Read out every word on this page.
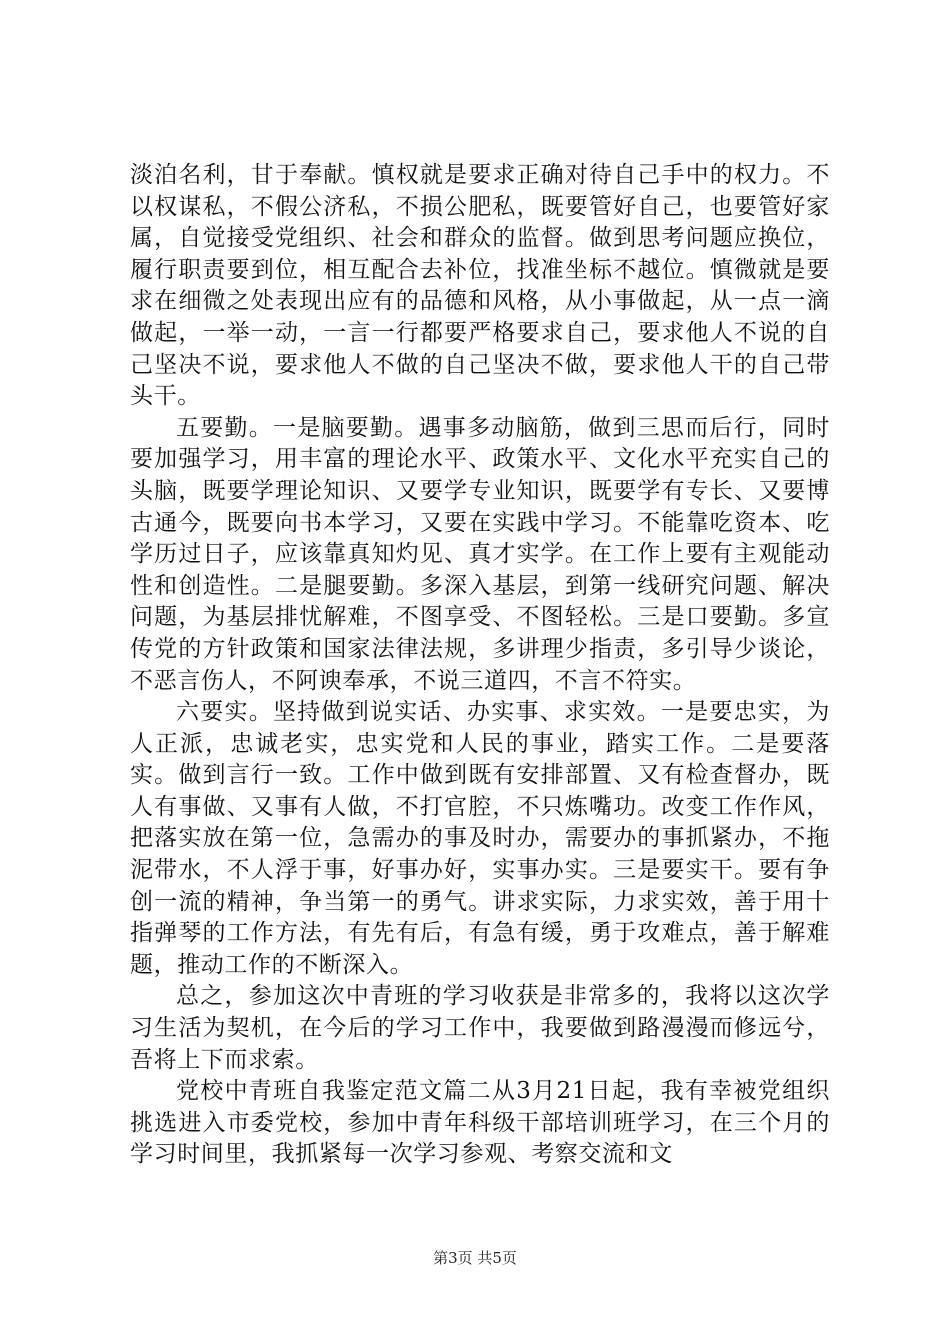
淡泊名利，甘于奉献。慎权就是要求正确对待自己手中的权力。不以权谋私，不假公济私，不损公肥私，既要管好自己，也要管好家属，自觉接受党组织、社会和群众的监督。做到思考问题应换位，履行职责要到位，相互配合去补位，找准坐标不越位。慎微就是要求在细微之处表现出应有的品德和风格，从小事做起，从一点一滴做起，一举一动，一言一行都要严格要求自己，要求他人不说的自己坚决不说，要求他人不做的自己坚决不做，要求他人干的自己带头干。

五要勤。一是脑要勤。遇事多动脑筋，做到三思而后行，同时要加强学习，用丰富的理论水平、政策水平、文化水平充实自己的头脑，既要学理论知识、又要学专业知识，既要学有专长、又要博古通今，既要向书本学习，又要在实践中学习。不能靠吃资本、吃学历过日子，应该靠真知灼见、真才实学。在工作上要有主观能动性和创造性。二是腿要勤。多深入基层，到第一线研究问题、解决问题，为基层排忧解难，不图享受、不图轻松。三是口要勤。多宣传党的方针政策和国家法律法规，多讲理少指责，多引导少谈论，不恶言伤人，不阿谀奉承，不说三道四，不言不符实。

六要实。坚持做到说实话、办实事、求实效。一是要忠实，为人正派，忠诚老实，忠实党和人民的事业，踏实工作。二是要落实。做到言行一致。工作中做到既有安排部置、又有检查督办，既人有事做、又事有人做，不打官腔，不只炼嘴功。改变工作作风，把落实放在第一位，急需办的事及时办，需要办的事抓紧办，不拖泥带水，不人浮于事，好事办好，实事办实。三是要实干。要有争创一流的精神，争当第一的勇气。讲求实际，力求实效，善于用十指弹琴的工作方法，有先有后，有急有缓，勇于攻难点，善于解难题，推动工作的不断深入。

总之，参加这次中青班的学习收获是非常多的，我将以这次学习生活为契机，在今后的学习工作中，我要做到路漫漫而修远兮，吾将上下而求索。

党校中青班自我鉴定范文篇二从3月21日起，我有幸被党组织挑选进入市委党校，参加中青年科级干部培训班学习，在三个月的学习时间里，我抓紧每一次学习参观、考察交流和文

第3页 共5页
